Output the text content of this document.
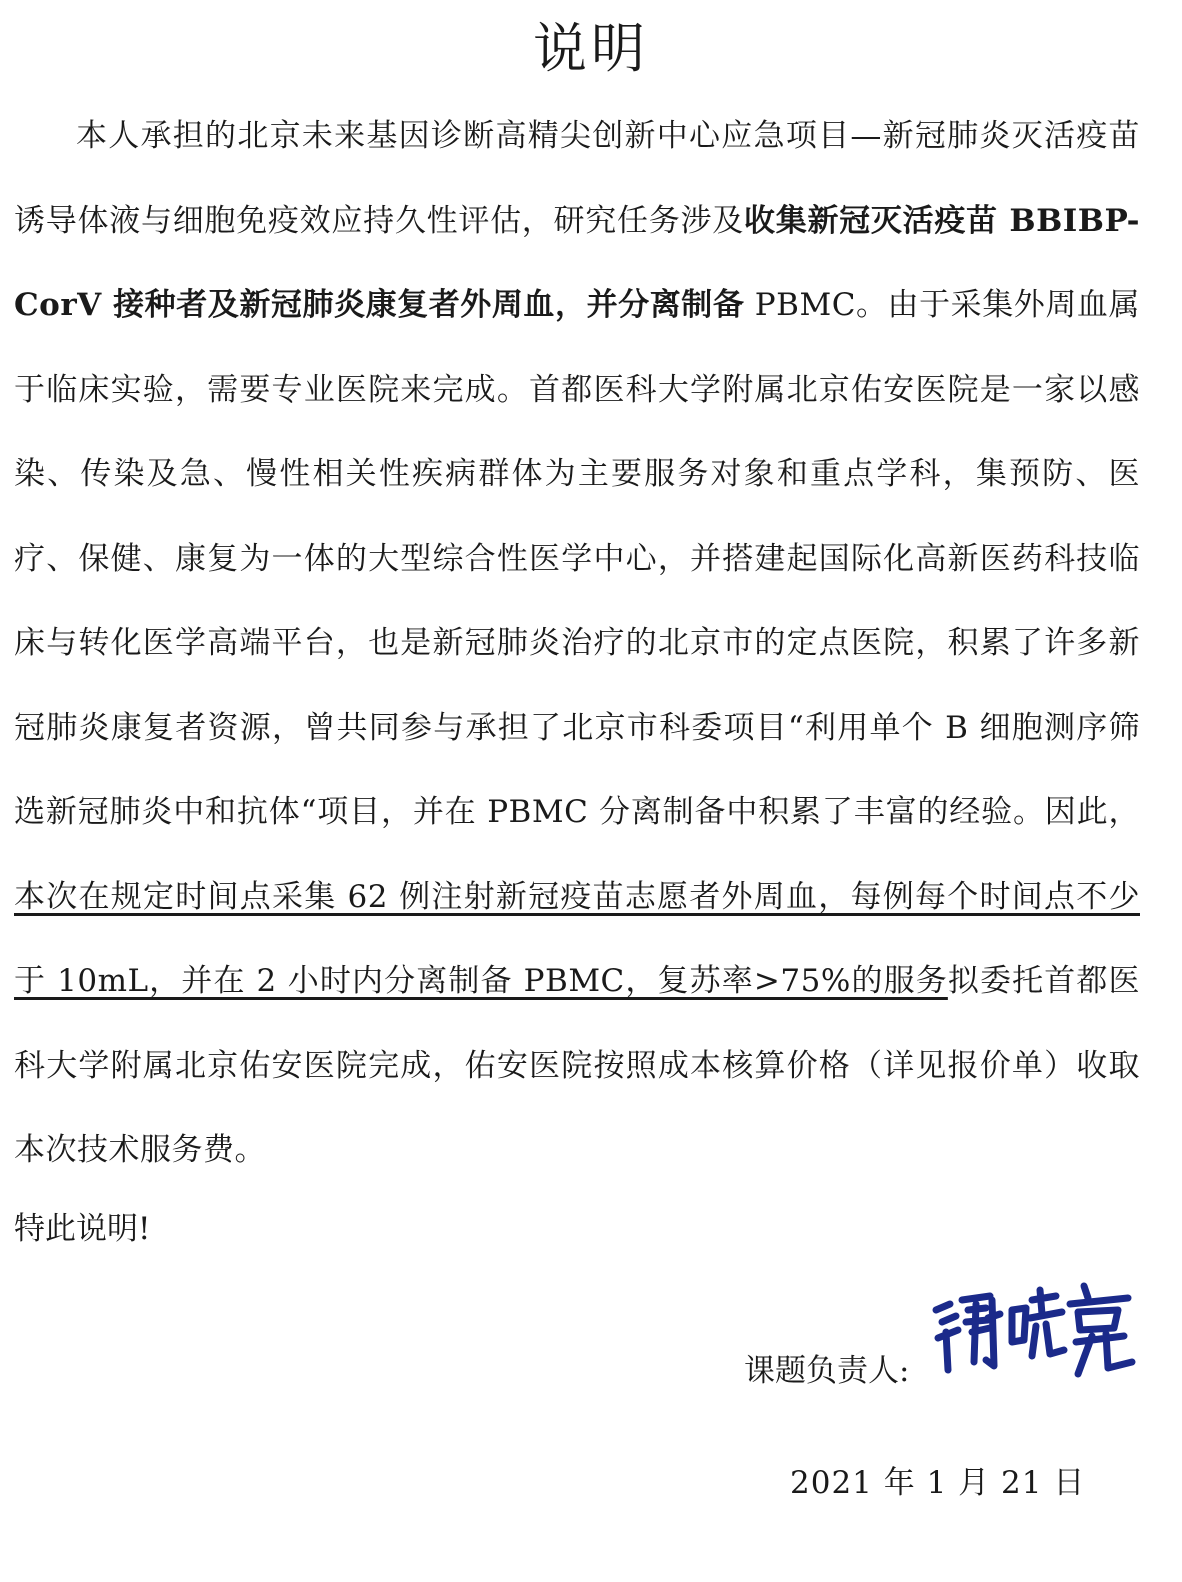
说明

本人承担的北京未来基因诊断高精尖创新中心应急项目—新冠肺炎灭活疫苗诱导体液与细胞免疫效应持久性评估，研究任务涉及收集新冠灭活疫苗 BBIBP-CorV 接种者及新冠肺炎康复者外周血，并分离制备 PBMC。由于采集外周血属于临床实验，需要专业医院来完成。首都医科大学附属北京佑安医院是一家以感染、传染及急、慢性相关性疾病群体为主要服务对象和重点学科，集预防、医疗、保健、康复为一体的大型综合性医学中心，并搭建起国际化高新医药科技临床与转化医学高端平台，也是新冠肺炎治疗的北京市的定点医院，积累了许多新冠肺炎康复者资源，曾共同参与承担了北京市科委项目“利用单个 B 细胞测序筛选新冠肺炎中和抗体“项目，并在 PBMC 分离制备中积累了丰富的经验。因此，本次在规定时间点采集 62 例注射新冠疫苗志愿者外周血，每例每个时间点不少于 10mL，并在 2 小时内分离制备 PBMC，复苏率>75%的服务拟委托首都医科大学附属北京佑安医院完成，佑安医院按照成本核算价格（详见报价单）收取本次技术服务费。

特此说明!

课题负责人:
2021 年 1 月 21 日
